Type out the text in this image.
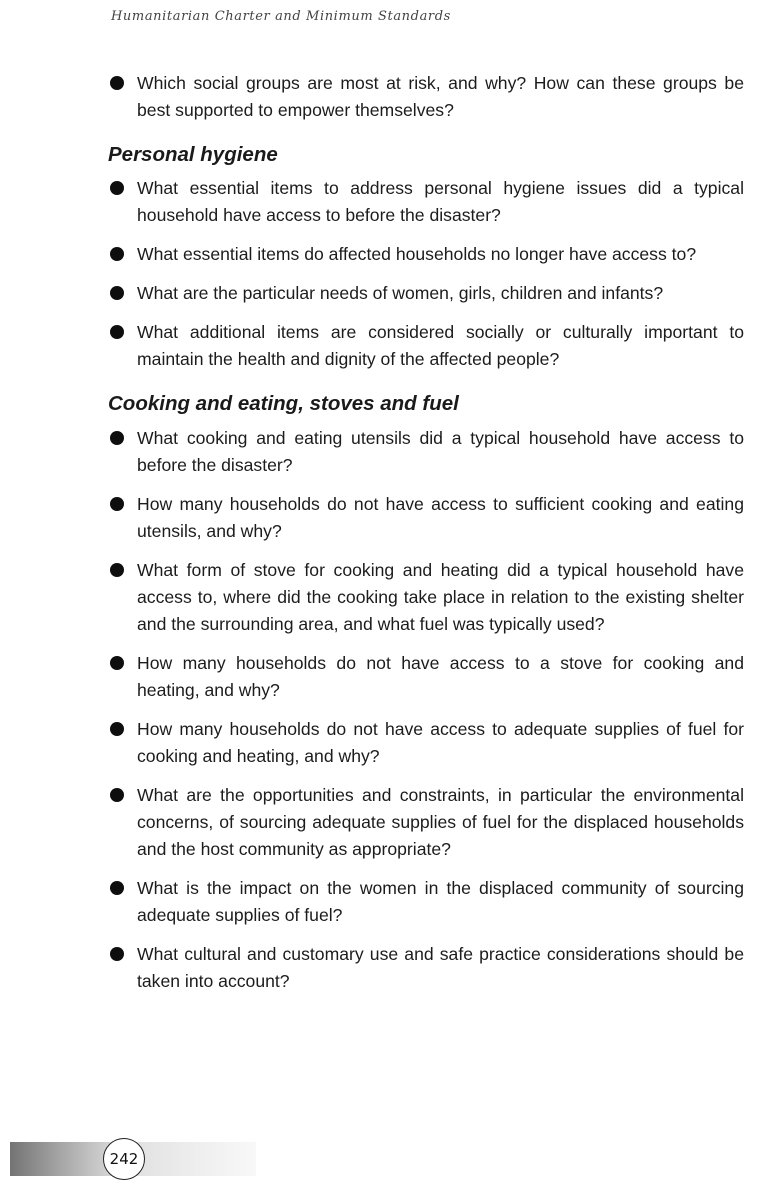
Humanitarian Charter and Minimum Standards
Which social groups are most at risk, and why? How can these groups be best supported to empower themselves?
Personal hygiene
What essential items to address personal hygiene issues did a typical household have access to before the disaster?
What essential items do affected households no longer have access to?
What are the particular needs of women, girls, children and infants?
What additional items are considered socially or culturally important to maintain the health and dignity of the affected people?
Cooking and eating, stoves and fuel
What cooking and eating utensils did a typical household have access to before the disaster?
How many households do not have access to sufficient cooking and eating utensils, and why?
What form of stove for cooking and heating did a typical household have access to, where did the cooking take place in relation to the existing shelter and the surrounding area, and what fuel was typically used?
How many households do not have access to a stove for cooking and heating, and why?
How many households do not have access to adequate supplies of fuel for cooking and heating, and why?
What are the opportunities and constraints, in particular the environmental concerns, of sourcing adequate supplies of fuel for the displaced households and the host community as appropriate?
What is the impact on the women in the displaced community of sourcing adequate supplies of fuel?
What cultural and customary use and safe practice considerations should be taken into account?
242
